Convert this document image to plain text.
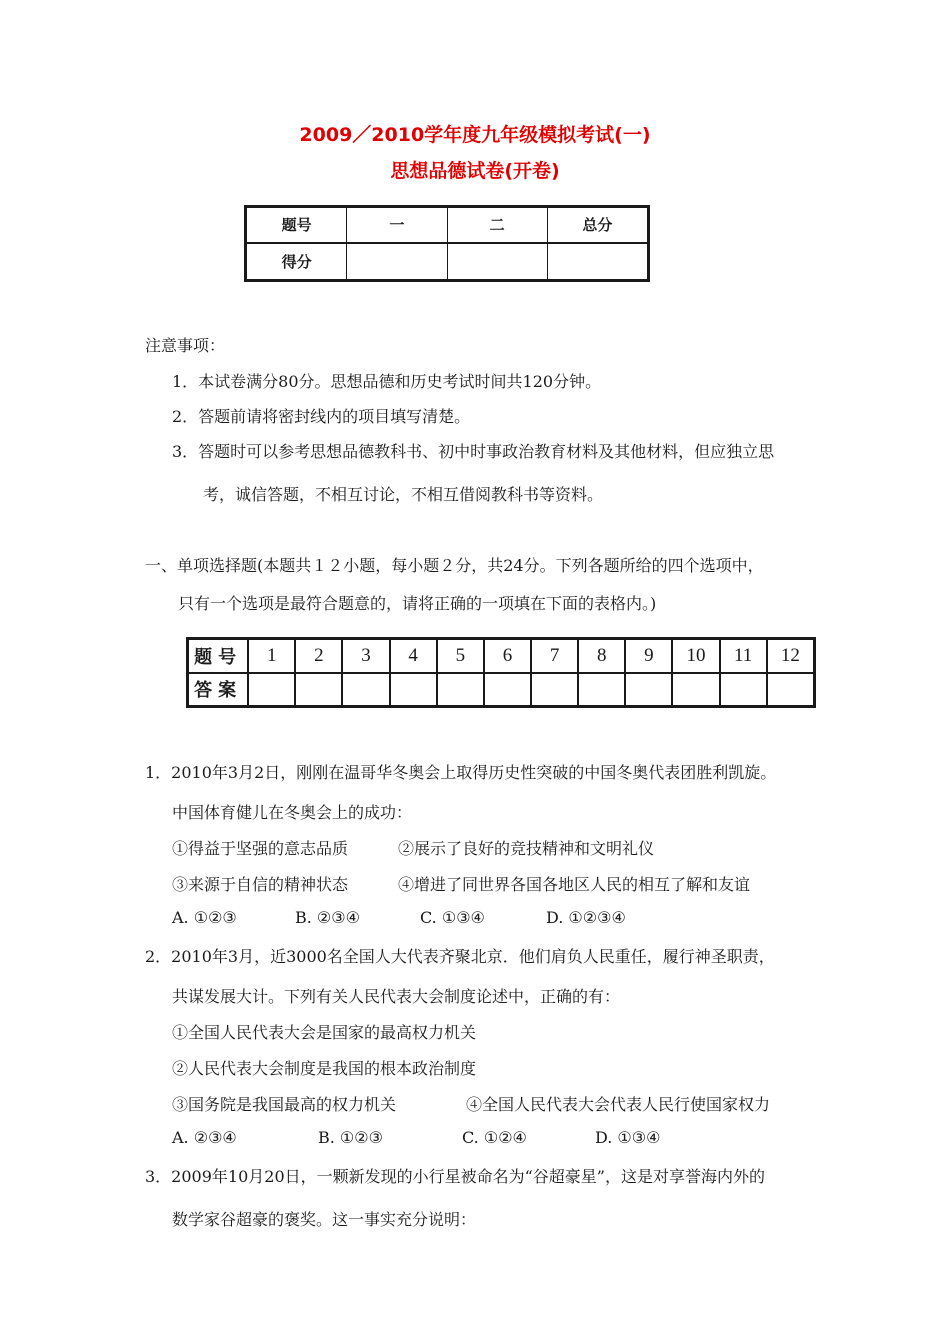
2009／2010学年度九年级模拟考试(一)
思想品德试卷(开卷)
题号	一	二	总分
得分			
注意事项：
1．本试卷满分80分。思想品德和历史考试时间共120分钟。
2．答题前请将密封线内的项目填写清楚。
3．答题时可以参考思想品德教科书、初中时事政治教育材料及其他材料，但应独立思
考，诚信答题，不相互讨论，不相互借阅教科书等资料。
一、单项选择题(本题共１２小题，每小题２分，共24分。下列各题所给的四个选项中，
只有一个选项是最符合题意的，请将正确的一项填在下面的表格内。)
题号	1	2	3	4	5	6	7	8	9	10	11	12
答案												
1．2010年3月2日，刚刚在温哥华冬奥会上取得历史性突破的中国冬奥代表团胜利凯旋。
中国体育健儿在冬奥会上的成功：
①得益于坚强的意志品质	②展示了良好的竞技精神和文明礼仪
③来源于自信的精神状态	④增进了同世界各国各地区人民的相互了解和友谊
A. ①②③	B. ②③④	C. ①③④	D. ①②③④
2．2010年3月，近3000名全国人大代表齐聚北京．他们肩负人民重任，履行神圣职责，
共谋发展大计。下列有关人民代表大会制度论述中，正确的有：
①全国人民代表大会是国家的最高权力机关
②人民代表大会制度是我国的根本政治制度
③国务院是我国最高的权力机关	④全国人民代表大会代表人民行使国家权力
A. ②③④	B. ①②③	C. ①②④	D. ①③④
3．2009年10月20日，一颗新发现的小行星被命名为“谷超豪星”，这是对享誉海内外的
数学家谷超豪的褒奖。这一事实充分说明：
